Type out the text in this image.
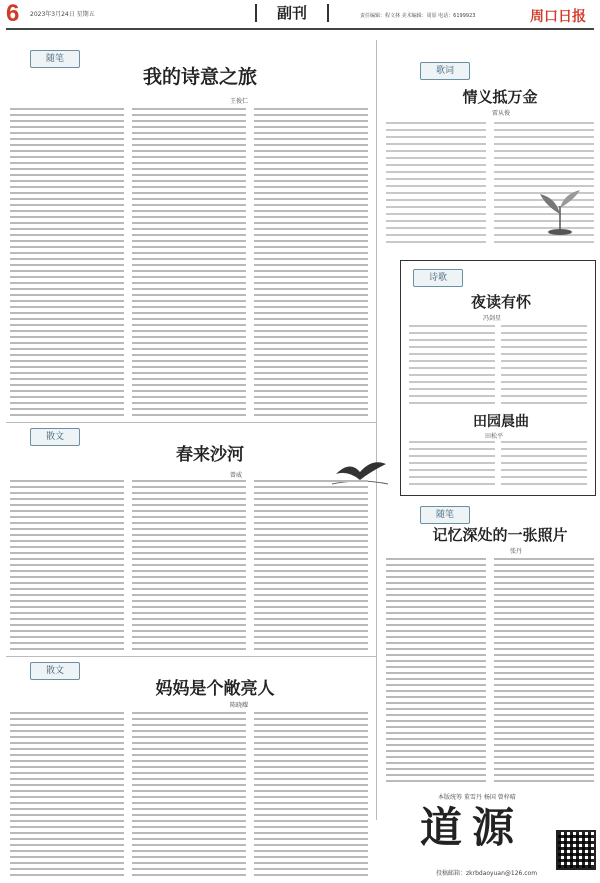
6 2023年3月24日 星期五	副刊	责任编辑：程文林 美术编辑：周原 电话：6199923	周口日报
随笔
我的诗意之旅
王俊仁
散文
春来沙河
曾威
散文
妈妈是个敞亮人
陈晓耀
歌词
情义抵万金
雷从俊
诗歌
夜读有怀
冯剑星
田园晨曲
田松平
随笔
记忆深处的一张照片
张丹
道源
本版统筹 董雪丹 杨国 曾梓晴
投稿邮箱：zkrbdaoyuan@126.com
